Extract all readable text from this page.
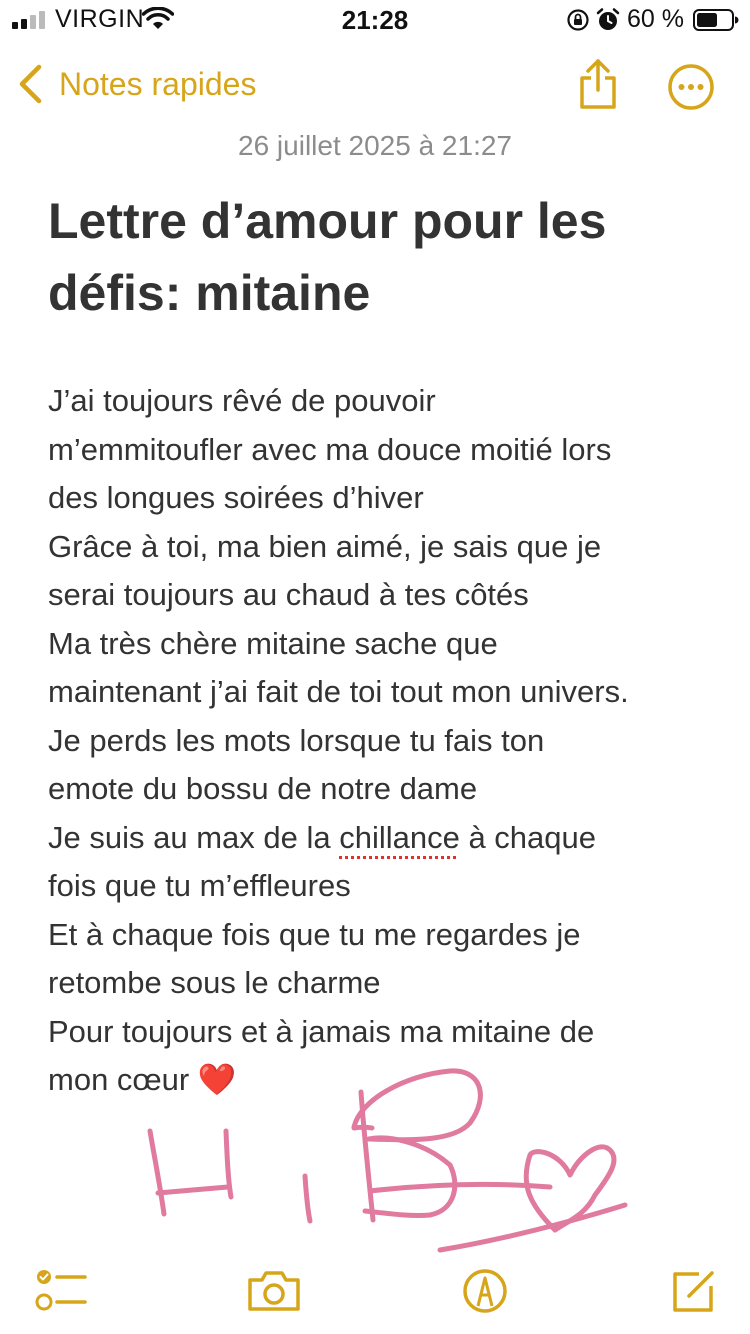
VIRGIN	21:28	60 %
Notes rapides
26 juillet 2025 à 21:27
Lettre d’amour pour les défis: mitaine
J’ai toujours rêvé de pouvoir
m’emmitoufler avec ma douce moitié lors
des longues soirées d’hiver
Grâce à toi, ma bien aimé, je sais que je
serai toujours au chaud à tes côtés
Ma très chère mitaine sache que
maintenant j’ai fait de toi tout mon univers.
Je perds les mots lorsque tu fais ton
emote du bossu de notre dame
Je suis au max de la chillance à chaque
fois que tu m’effleures
Et à chaque fois que tu me regardes je
retombe sous le charme
Pour toujours et à jamais ma mitaine de
mon cœur ❤️
